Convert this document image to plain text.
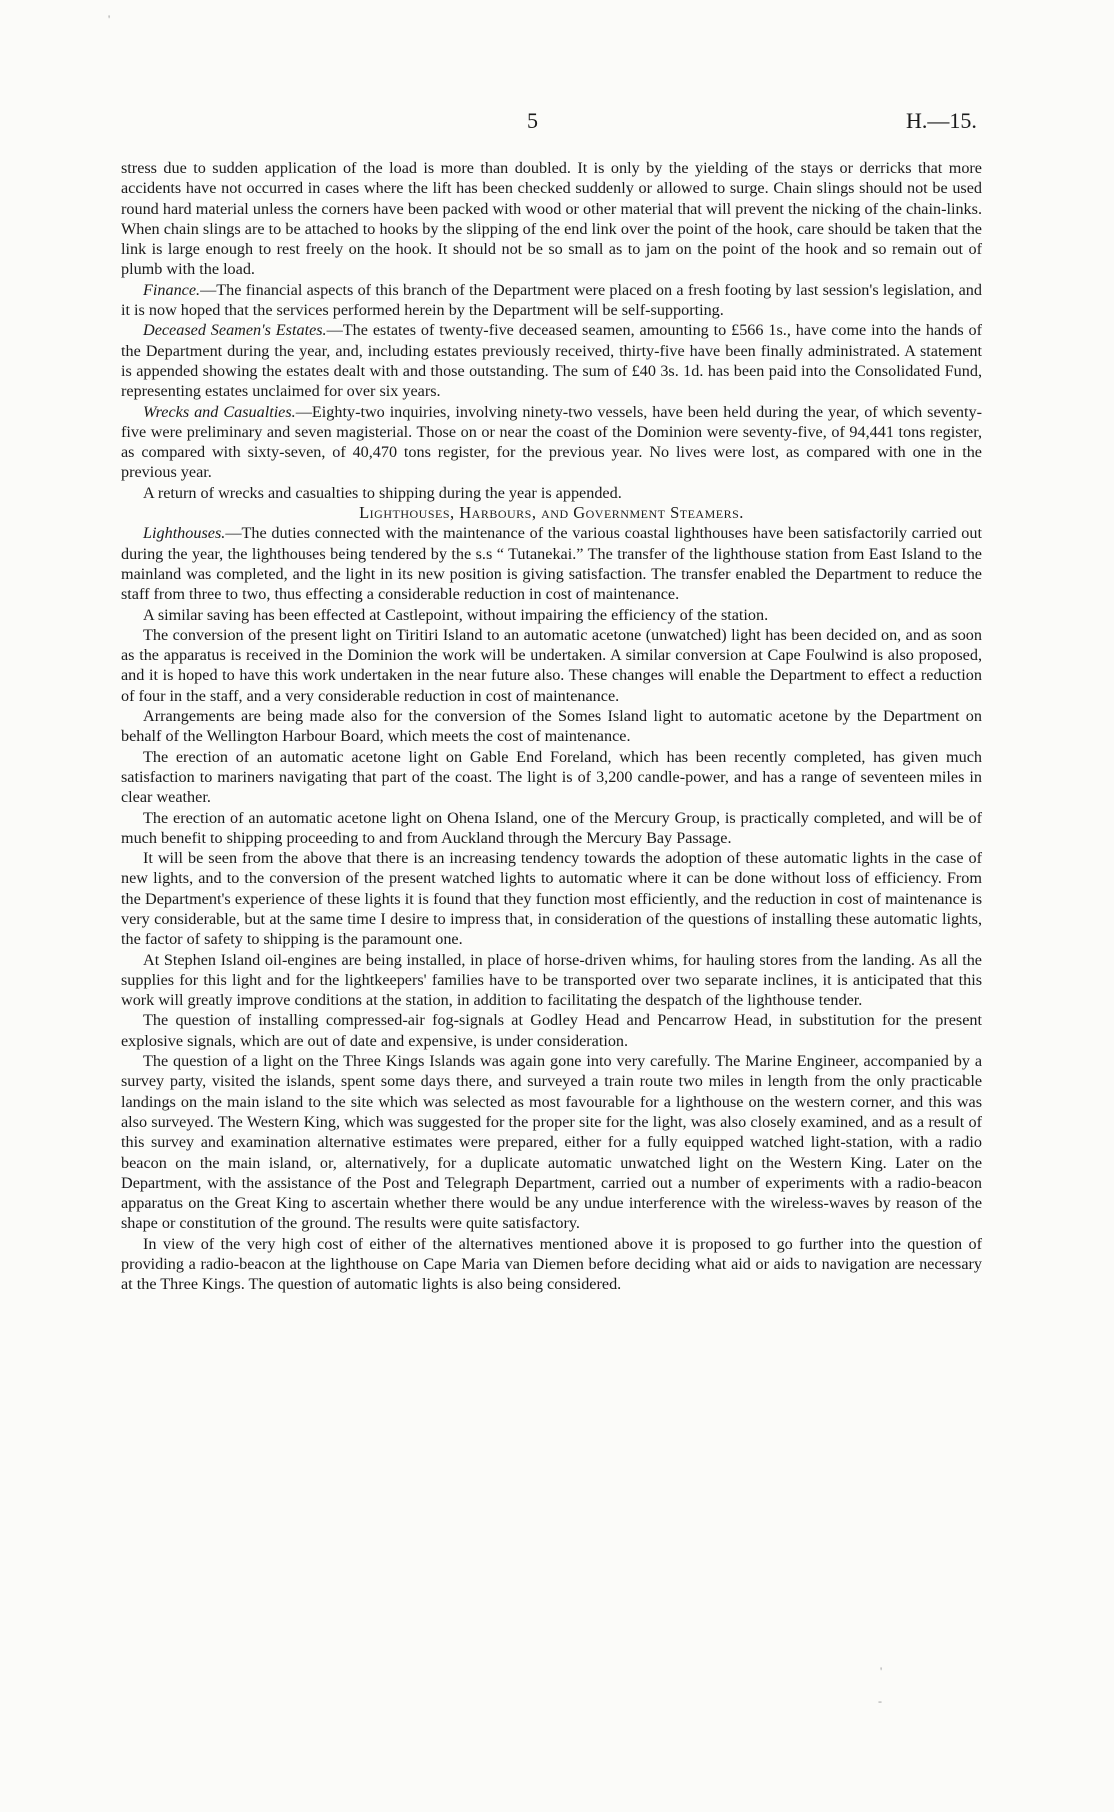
'
5	H.—15.

stress due to sudden application of the load is more than doubled. It is only by the yielding of the stays or derricks that more accidents have not occurred in cases where the lift has been checked suddenly or allowed to surge. Chain slings should not be used round hard material unless the corners have been packed with wood or other material that will prevent the nicking of the chain-links. When chain slings are to be attached to hooks by the slipping of the end link over the point of the hook, care should be taken that the link is large enough to rest freely on the hook. It should not be so small as to jam on the point of the hook and so remain out of plumb with the load.

Finance.—The financial aspects of this branch of the Department were placed on a fresh footing by last session's legislation, and it is now hoped that the services performed herein by the Department will be self-supporting.

Deceased Seamen's Estates.—The estates of twenty-five deceased seamen, amounting to £566 1s., have come into the hands of the Department during the year, and, including estates previously received, thirty-five have been finally administrated. A statement is appended showing the estates dealt with and those outstanding. The sum of £40 3s. 1d. has been paid into the Consolidated Fund, representing estates unclaimed for over six years.

Wrecks and Casualties.—Eighty-two inquiries, involving ninety-two vessels, have been held during the year, of which seventy-five were preliminary and seven magisterial. Those on or near the coast of the Dominion were seventy-five, of 94,441 tons register, as compared with sixty-seven, of 40,470 tons register, for the previous year. No lives were lost, as compared with one in the previous year.

A return of wrecks and casualties to shipping during the year is appended.

Lighthouses, Harbours, and Government Steamers.

Lighthouses.—The duties connected with the maintenance of the various coastal lighthouses have been satisfactorily carried out during the year, the lighthouses being tendered by the s.s “ Tutanekai.” The transfer of the lighthouse station from East Island to the mainland was completed, and the light in its new position is giving satisfaction. The transfer enabled the Department to reduce the staff from three to two, thus effecting a considerable reduction in cost of maintenance.

A similar saving has been effected at Castlepoint, without impairing the efficiency of the station.

The conversion of the present light on Tiritiri Island to an automatic acetone (unwatched) light has been decided on, and as soon as the apparatus is received in the Dominion the work will be undertaken. A similar conversion at Cape Foulwind is also proposed, and it is hoped to have this work undertaken in the near future also. These changes will enable the Department to effect a reduction of four in the staff, and a very considerable reduction in cost of maintenance.

Arrangements are being made also for the conversion of the Somes Island light to automatic acetone by the Department on behalf of the Wellington Harbour Board, which meets the cost of maintenance.

The erection of an automatic acetone light on Gable End Foreland, which has been recently completed, has given much satisfaction to mariners navigating that part of the coast. The light is of 3,200 candle-power, and has a range of seventeen miles in clear weather.

The erection of an automatic acetone light on Ohena Island, one of the Mercury Group, is practically completed, and will be of much benefit to shipping proceeding to and from Auckland through the Mercury Bay Passage.

It will be seen from the above that there is an increasing tendency towards the adoption of these automatic lights in the case of new lights, and to the conversion of the present watched lights to automatic where it can be done without loss of efficiency. From the Department's experience of these lights it is found that they function most efficiently, and the reduction in cost of maintenance is very considerable, but at the same time I desire to impress that, in consideration of the questions of installing these automatic lights, the factor of safety to shipping is the paramount one.

At Stephen Island oil-engines are being installed, in place of horse-driven whims, for hauling stores from the landing. As all the supplies for this light and for the lightkeepers' families have to be transported over two separate inclines, it is anticipated that this work will greatly improve conditions at the station, in addition to facilitating the despatch of the lighthouse tender.

The question of installing compressed-air fog-signals at Godley Head and Pencarrow Head, in substitution for the present explosive signals, which are out of date and expensive, is under consideration.

The question of a light on the Three Kings Islands was again gone into very carefully. The Marine Engineer, accompanied by a survey party, visited the islands, spent some days there, and surveyed a train route two miles in length from the only practicable landings on the main island to the site which was selected as most favourable for a lighthouse on the western corner, and this was also surveyed. The Western King, which was suggested for the proper site for the light, was also closely examined, and as a result of this survey and examination alternative estimates were prepared, either for a fully equipped watched light-station, with a radio beacon on the main island, or, alternatively, for a duplicate automatic unwatched light on the Western King. Later on the Department, with the assistance of the Post and Telegraph Department, carried out a number of experiments with a radio-beacon apparatus on the Great King to ascertain whether there would be any undue interference with the wireless-waves by reason of the shape or constitution of the ground. The results were quite satisfactory.

In view of the very high cost of either of the alternatives mentioned above it is proposed to go further into the question of providing a radio-beacon at the lighthouse on Cape Maria van Diemen before deciding what aid or aids to navigation are necessary at the Three Kings. The question of automatic lights is also being considered.

'
-
